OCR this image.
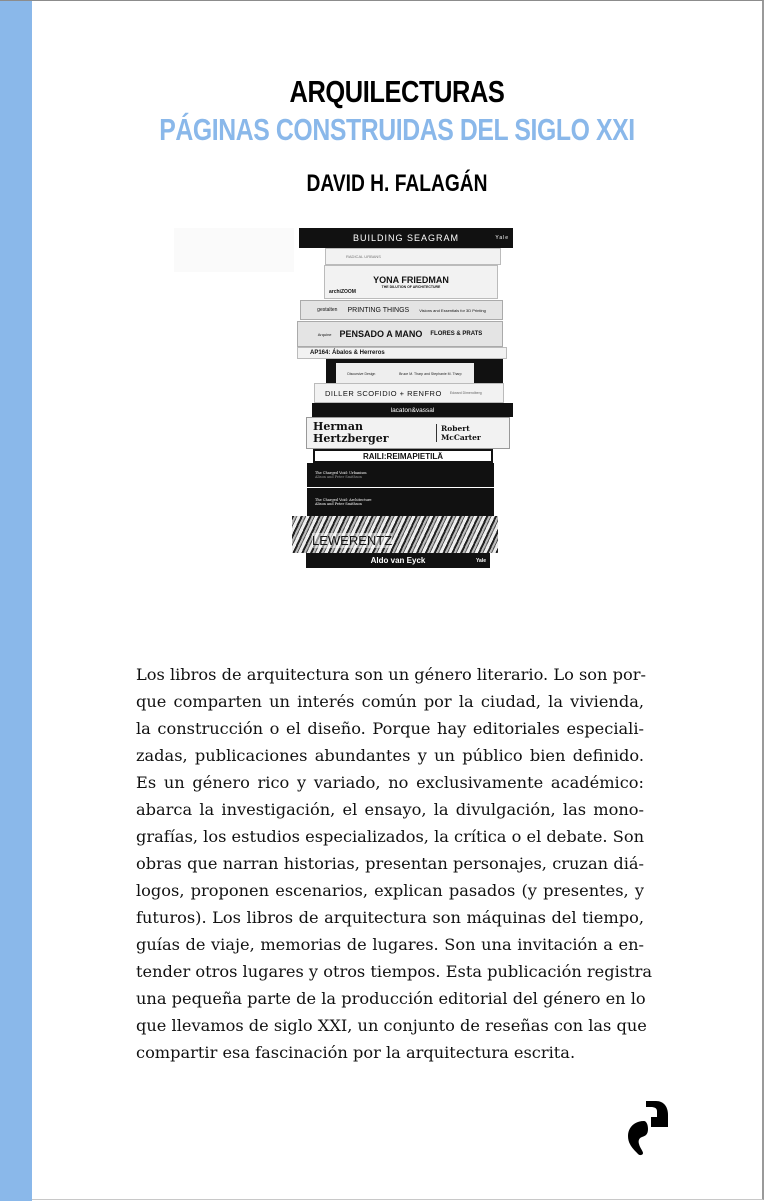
ARQUILECTURAS
PÁGINAS CONSTRUIDAS DEL SIGLO XXI
DAVID H. FALAGÁN
BUILDING SEAGRAM	Yale
RADICAL URBANS
YONA FRIEDMAN
THE DILUTION OF ARCHITECTURE
archiZOOM
gestalten PRINTING THINGS	Visions and Essentials for 3D Printing
Arquine PENSADO A MANO FLORES & PRATS
AP164: Ábalos & Herreros
Discursive Design	Bruce M. Tharp and Stephanie M. Tharp
DILLER SCOFIDIO + RENFRO Edward Dimendberg
lacaton&vassal
Herman Hertzberger
Robert McCarter
RAILI:REIMAPIETILÄ
The Charged Void: Urbanism
Alison and Peter Smithson
The Charged Void: Architecture
Alison and Peter Smithson
LEWERENTZ
Aldo van Eyck	Yale
Los libros de arquitectura son un género literario. Lo son por-
que comparten un interés común por la ciudad, la vivienda,
la construcción o el diseño. Porque hay editoriales especiali-
zadas, publicaciones abundantes y un público bien definido.
Es un género rico y variado, no exclusivamente académico:
abarca la investigación, el ensayo, la divulgación, las mono-
grafías, los estudios especializados, la crítica o el debate. Son
obras que narran historias, presentan personajes, cruzan diá-
logos, proponen escenarios, explican pasados (y presentes, y
futuros). Los libros de arquitectura son máquinas del tiempo,
guías de viaje, memorias de lugares. Son una invitación a en-
tender otros lugares y otros tiempos. Esta publicación registra
una pequeña parte de la producción editorial del género en lo
que llevamos de siglo XXI, un conjunto de reseñas con las que
compartir esa fascinación por la arquitectura escrita.
